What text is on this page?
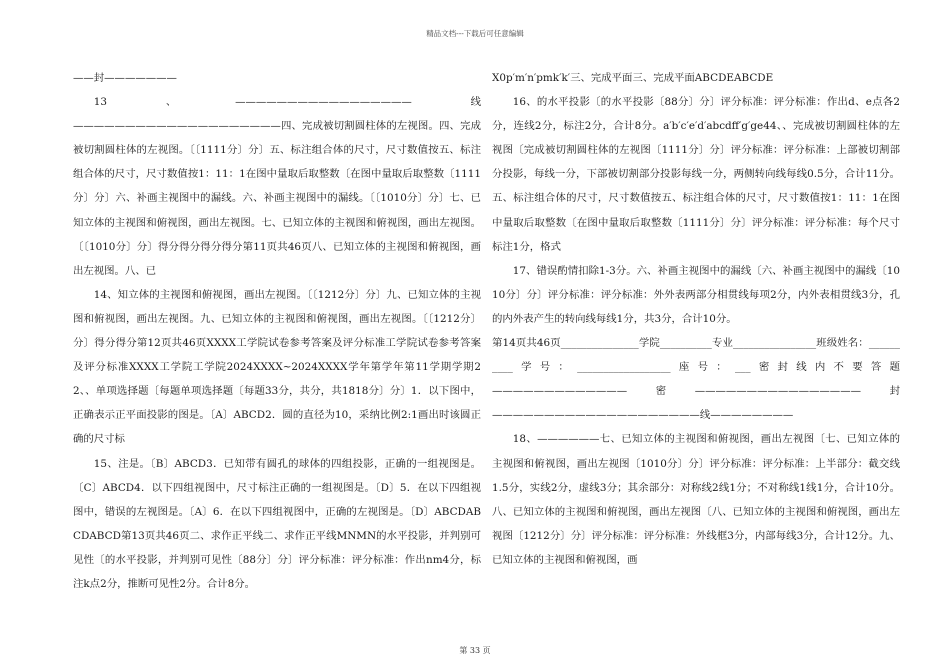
精品文档---下载后可任意编辑

——封———————

13、—————————————————线————————————————————四、完成被切割圆柱体的左视图。四、完成被切割圆柱体的左视图。〔〔1111分〕分〕五、标注组合体的尺寸，尺寸数值按五、标注组合体的尺寸，尺寸数值按1：11：1在图中量取后取整数〔在图中量取后取整数〔1111分〕分〕六、补画主视图中的漏线。六、补画主视图中的漏线。〔〔1010分〕分〕七、已知立体的主视图和俯视图，画出左视图。七、已知立体的主视图和俯视图，画出左视图。〔〔1010分〕分〕得分得分得分得分第11页共46页八、已知立体的主视图和俯视图，画出左视图。八、已

14、知立体的主视图和俯视图，画出左视图。〔〔1212分〕分〕九、已知立体的主视图和俯视图，画出左视图。九、已知立体的主视图和俯视图，画出左视图。〔〔1212分〕分〕得分得分第12页共46页XXXX工学院试卷参考答案及评分标准工学院试卷参考答案及评分标准XXXX工学院工学院2024XXXX~2024XXXX学年第学年第11学期学期22、、单项选择题〔每题单项选择题〔每题33分，共分，共1818分〕分〕1．以下图中，正确表示正平面投影的图是。〔A〕ABCD2．圆的直径为10，采纳比例2:1画出时该圆正确的尺寸标

15、注是。〔B〕ABCD3．已知带有圆孔的球体的四组投影，正确的一组视图是。〔C〕ABCD4．以下四组视图中，尺寸标注正确的一组视图是。〔D〕5．在以下四组视图中，错误的左视图是。〔A〕6．在以下四组视图中，正确的左视图是。〔D〕ABCDABCDABCD第13页共46页二、求作正平线二、求作正平线MNMN的水平投影，并判别可见性〔的水平投影，并判别可见性〔88分〕分〕评分标准：评分标准：作出nm4分，标注k点2分，推断可见性2分。合计8分。

X0p′m′n′pmk′k′三、完成平面三、完成平面ABCDEABCDE

16、的水平投影〔的水平投影〔88分〕分〕评分标准：评分标准：作出d、e点各2分，连线2分，标注2分，合计8分。a′b′c′e′d′abcdff′g′ge44、、完成被切割圆柱体的左视图〔完成被切割圆柱体的左视图〔1111分〕分〕评分标准：评分标准：上部被切割部分投影，每线一分，下部被切割部分投影每线一分，两侧转向线每线0.5分，合计11分。五、标注组合体的尺寸，尺寸数值按五、标注组合体的尺寸，尺寸数值按1：11：1在图中量取后取整数〔在图中量取后取整数〔1111分〕分〕评分标准：评分标准：每个尺寸标注1分，格式

17、错误酌情扣除1-3分。六、补画主视图中的漏线〔六、补画主视图中的漏线〔1010分〕分〕评分标准：评分标准：外外表两部分相贯线每项2分，内外表相贯线3分，孔的内外表产生的转向线每线1分，共3分，合计10分。

第14页共46页_______________学院__________专业________________班级姓名：__________学号：__________________座号：___密封线内不要答题—————————————密————————————————封————————————————————线————————

18、——————七、已知立体的主视图和俯视图，画出左视图〔七、已知立体的主视图和俯视图，画出左视图〔1010分〕分〕评分标准：评分标准：上半部分：截交线1.5分，实线2分，虚线3分；其余部分：对称线2线1分；不对称线1线1分，合计10分。八、已知立体的主视图和俯视图，画出左视图〔八、已知立体的主视图和俯视图，画出左视图〔1212分〕分〕评分标准：评分标准：外线框3分，内部每线3分，合计12分。九、已知立体的主视图和俯视图，画

第 33 页
